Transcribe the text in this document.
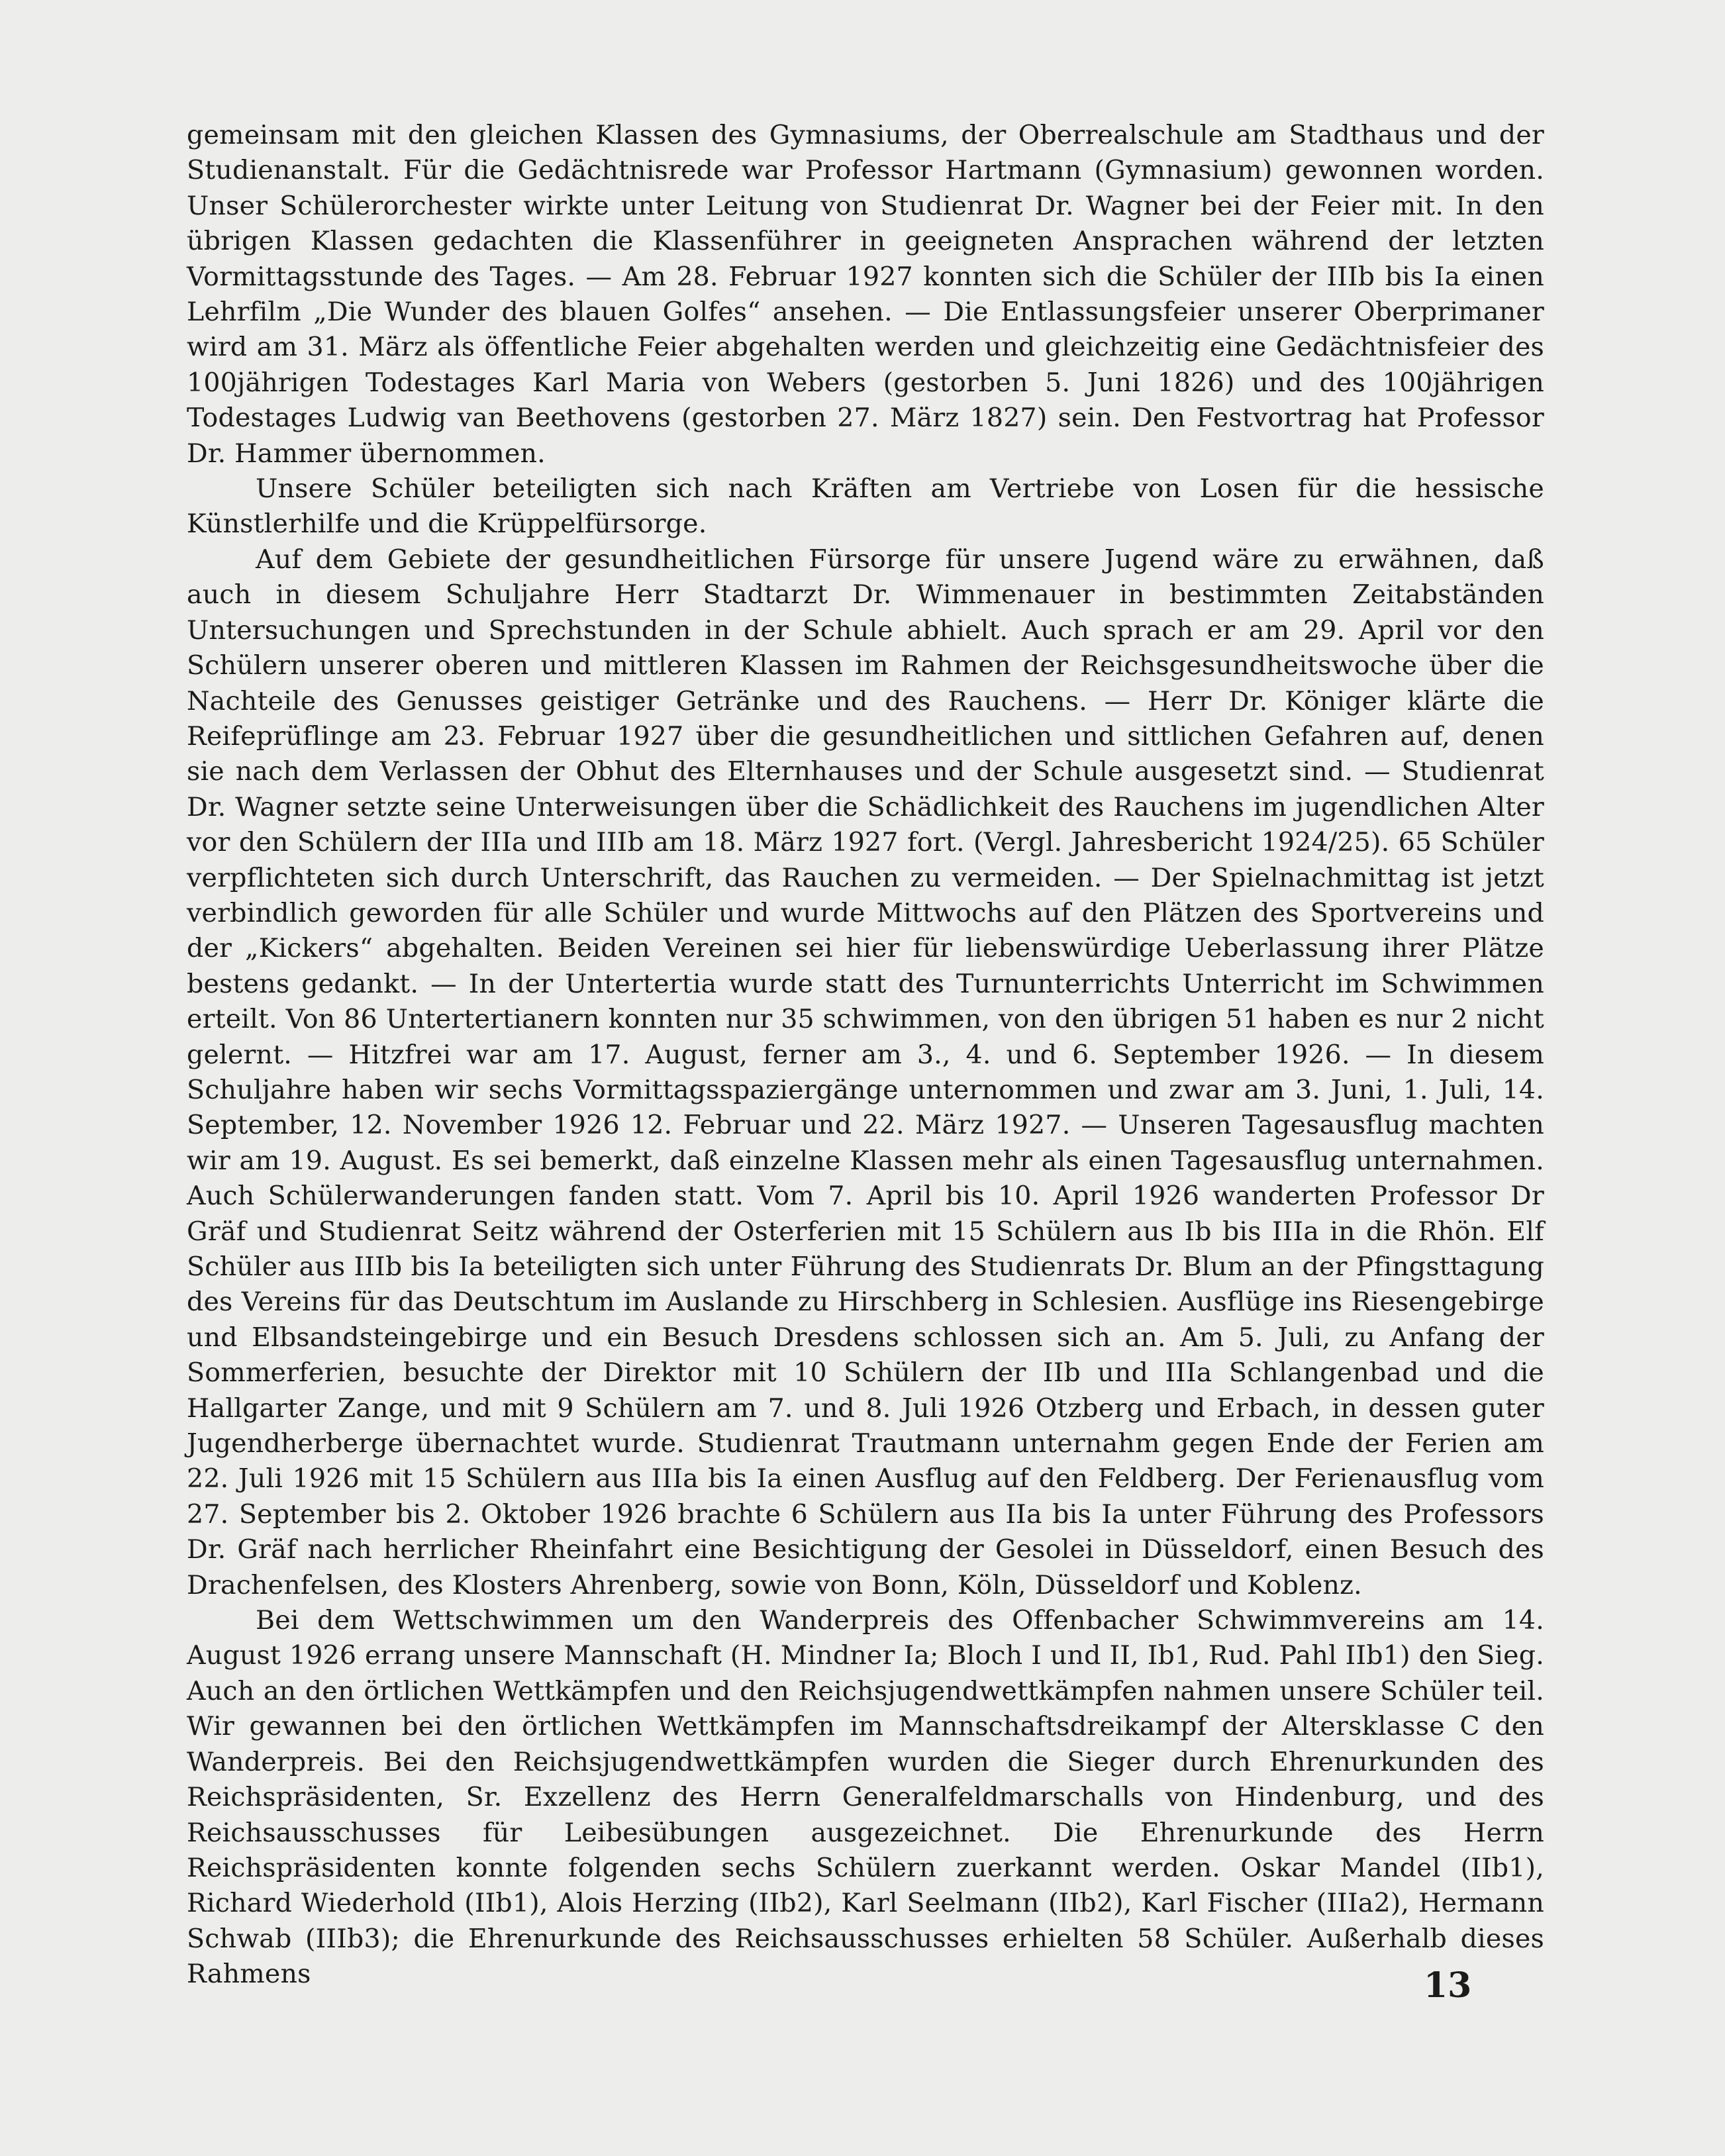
gemeinsam mit den gleichen Klassen des Gymnasiums, der Oberrealschule am Stadthaus und der Studienanstalt. Für die Gedächtnisrede war Professor Hartmann (Gymnasium) gewonnen worden. Unser Schülerorchester wirkte unter Leitung von Studienrat Dr. Wagner bei der Feier mit. In den übrigen Klassen gedachten die Klassenführer in geeigneten Ansprachen während der letzten Vormittagsstunde des Tages. — Am 28. Februar 1927 konnten sich die Schüler der IIIb bis Ia einen Lehrfilm „Die Wunder des blauen Golfes“ ansehen. — Die Entlassungsfeier unserer Oberprimaner wird am 31. März als öffentliche Feier abgehalten werden und gleichzeitig eine Gedächtnisfeier des 100jährigen Todestages Karl Maria von Webers (gestorben 5. Juni 1826) und des 100jährigen Todestages Ludwig van Beethovens (gestorben 27. März 1827) sein. Den Festvortrag hat Professor Dr. Hammer übernommen.

Unsere Schüler beteiligten sich nach Kräften am Vertriebe von Losen für die hessische Künstlerhilfe und die Krüppelfürsorge.

Auf dem Gebiete der gesundheitlichen Fürsorge für unsere Jugend wäre zu erwähnen, daß auch in diesem Schuljahre Herr Stadtarzt Dr. Wimmenauer in bestimmten Zeitabständen Untersuchungen und Sprechstunden in der Schule abhielt. Auch sprach er am 29. April vor den Schülern unserer oberen und mittleren Klassen im Rahmen der Reichsgesundheitswoche über die Nachteile des Genusses geistiger Getränke und des Rauchens. — Herr Dr. Königer klärte die Reifeprüflinge am 23. Februar 1927 über die gesundheitlichen und sittlichen Gefahren auf, denen sie nach dem Verlassen der Obhut des Elternhauses und der Schule ausgesetzt sind. — Studienrat Dr. Wagner setzte seine Unterweisungen über die Schädlichkeit des Rauchens im jugendlichen Alter vor den Schülern der IIIa und IIIb am 18. März 1927 fort. (Vergl. Jahresbericht 1924/25). 65 Schüler verpflichteten sich durch Unterschrift, das Rauchen zu vermeiden. — Der Spielnachmittag ist jetzt verbindlich geworden für alle Schüler und wurde Mittwochs auf den Plätzen des Sportvereins und der „Kickers“ abgehalten. Beiden Vereinen sei hier für liebenswürdige Ueberlassung ihrer Plätze bestens gedankt. — In der Untertertia wurde statt des Turnunterrichts Unterricht im Schwimmen erteilt. Von 86 Untertertianern konnten nur 35 schwimmen, von den übrigen 51 haben es nur 2 nicht gelernt. — Hitzfrei war am 17. August, ferner am 3., 4. und 6. September 1926. — In diesem Schuljahre haben wir sechs Vormittagsspaziergänge unternommen und zwar am 3. Juni, 1. Juli, 14. September, 12. November 1926 12. Februar und 22. März 1927. — Unseren Tagesausflug machten wir am 19. August. Es sei bemerkt, daß einzelne Klassen mehr als einen Tagesausflug unternahmen. Auch Schülerwanderungen fanden statt. Vom 7. April bis 10. April 1926 wanderten Professor Dr Gräf und Studienrat Seitz während der Osterferien mit 15 Schülern aus Ib bis IIIa in die Rhön. Elf Schüler aus IIIb bis Ia beteiligten sich unter Führung des Studienrats Dr. Blum an der Pfingsttagung des Vereins für das Deutschtum im Auslande zu Hirschberg in Schlesien. Ausflüge ins Riesengebirge und Elbsandsteingebirge und ein Besuch Dresdens schlossen sich an. Am 5. Juli, zu Anfang der Sommerferien, besuchte der Direktor mit 10 Schülern der IIb und IIIa Schlangenbad und die Hallgarter Zange, und mit 9 Schülern am 7. und 8. Juli 1926 Otzberg und Erbach, in dessen guter Jugendherberge übernachtet wurde. Studienrat Trautmann unternahm gegen Ende der Ferien am 22. Juli 1926 mit 15 Schülern aus IIIa bis Ia einen Ausflug auf den Feldberg. Der Ferienausflug vom 27. September bis 2. Oktober 1926 brachte 6 Schülern aus IIa bis Ia unter Führung des Professors Dr. Gräf nach herrlicher Rheinfahrt eine Besichtigung der Gesolei in Düsseldorf, einen Besuch des Drachenfelsen, des Klosters Ahrenberg, sowie von Bonn, Köln, Düsseldorf und Koblenz.

Bei dem Wettschwimmen um den Wanderpreis des Offenbacher Schwimmvereins am 14. August 1926 errang unsere Mannschaft (H. Mindner Ia; Bloch I und II, Ib1, Rud. Pahl IIb1) den Sieg. Auch an den örtlichen Wettkämpfen und den Reichsjugendwettkämpfen nahmen unsere Schüler teil. Wir gewannen bei den örtlichen Wettkämpfen im Mannschaftsdreikampf der Altersklasse C den Wanderpreis. Bei den Reichsjugendwettkämpfen wurden die Sieger durch Ehrenurkunden des Reichspräsidenten, Sr. Exzellenz des Herrn Generalfeldmarschalls von Hindenburg, und des Reichsausschusses für Leibesübungen ausgezeichnet. Die Ehrenurkunde des Herrn Reichspräsidenten konnte folgenden sechs Schülern zuerkannt werden. Oskar Mandel (IIb1), Richard Wiederhold (IIb1), Alois Herzing (IIb2), Karl Seelmann (IIb2), Karl Fischer (IIIa2), Hermann Schwab (IIIb3); die Ehrenurkunde des Reichsausschusses erhielten 58 Schüler. Außerhalb dieses Rahmens	13
